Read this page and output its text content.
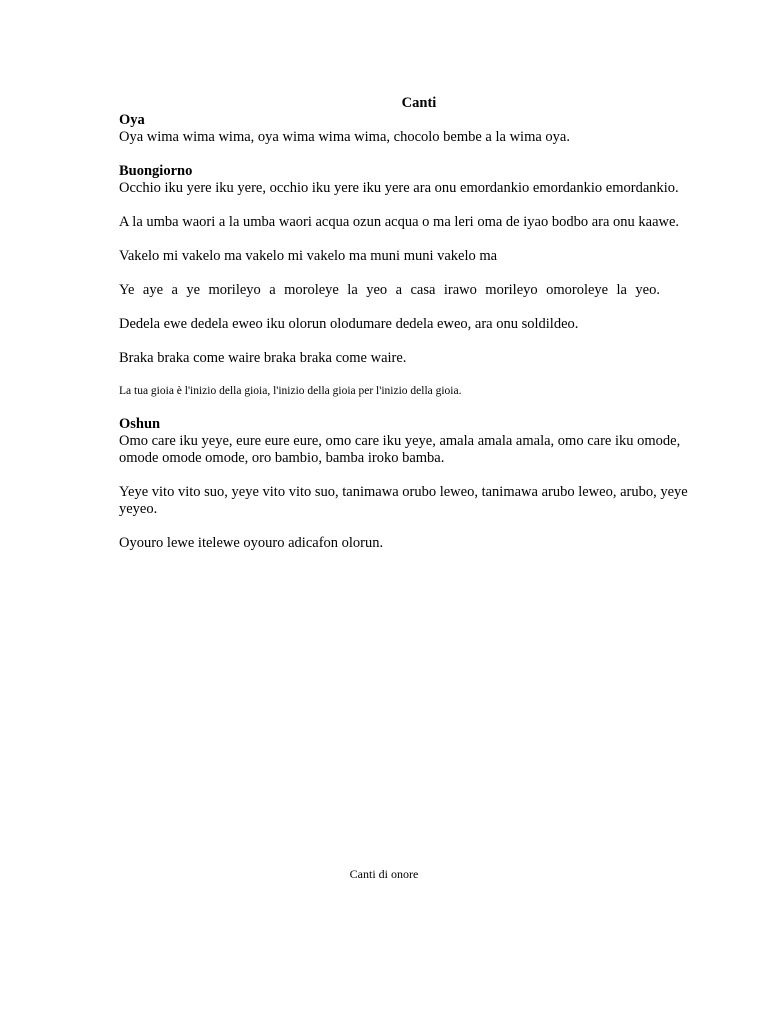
Canti

Oya

Oya wima wima wima, oya wima wima wima, chocolo bembe a la wima oya.

Buongiorno

Occhio iku yere iku yere, occhio iku yere iku yere ara onu emordankio emordankio emordankio.

A la umba waori a la umba waori acqua ozun acqua o ma leri oma de iyao bodbo ara onu kaawe.

Vakelo mi vakelo ma vakelo mi vakelo ma muni muni vakelo ma

Ye aye a ye morileyo a moroleye la yeo a casa irawo morileyo omoroleye la yeo.

Dedela ewe dedela eweo iku olorun olodumare dedela eweo, ara onu soldildeo.

Braka braka come waire braka braka come waire.

La tua gioia è l'inizio della gioia, l'inizio della gioia per l'inizio della gioia.

Oshun

Omo care iku yeye, eure eure eure, omo care iku yeye, amala amala amala, omo care iku omode, omode omode omode, oro bambio, bamba iroko bamba.

Yeye vito vito suo, yeye vito vito suo, tanimawa orubo leweo, tanimawa arubo leweo, arubo, yeye yeyeo.

Oyouro lewe itelewe oyouro adicafon olorun.

Canti di onore
